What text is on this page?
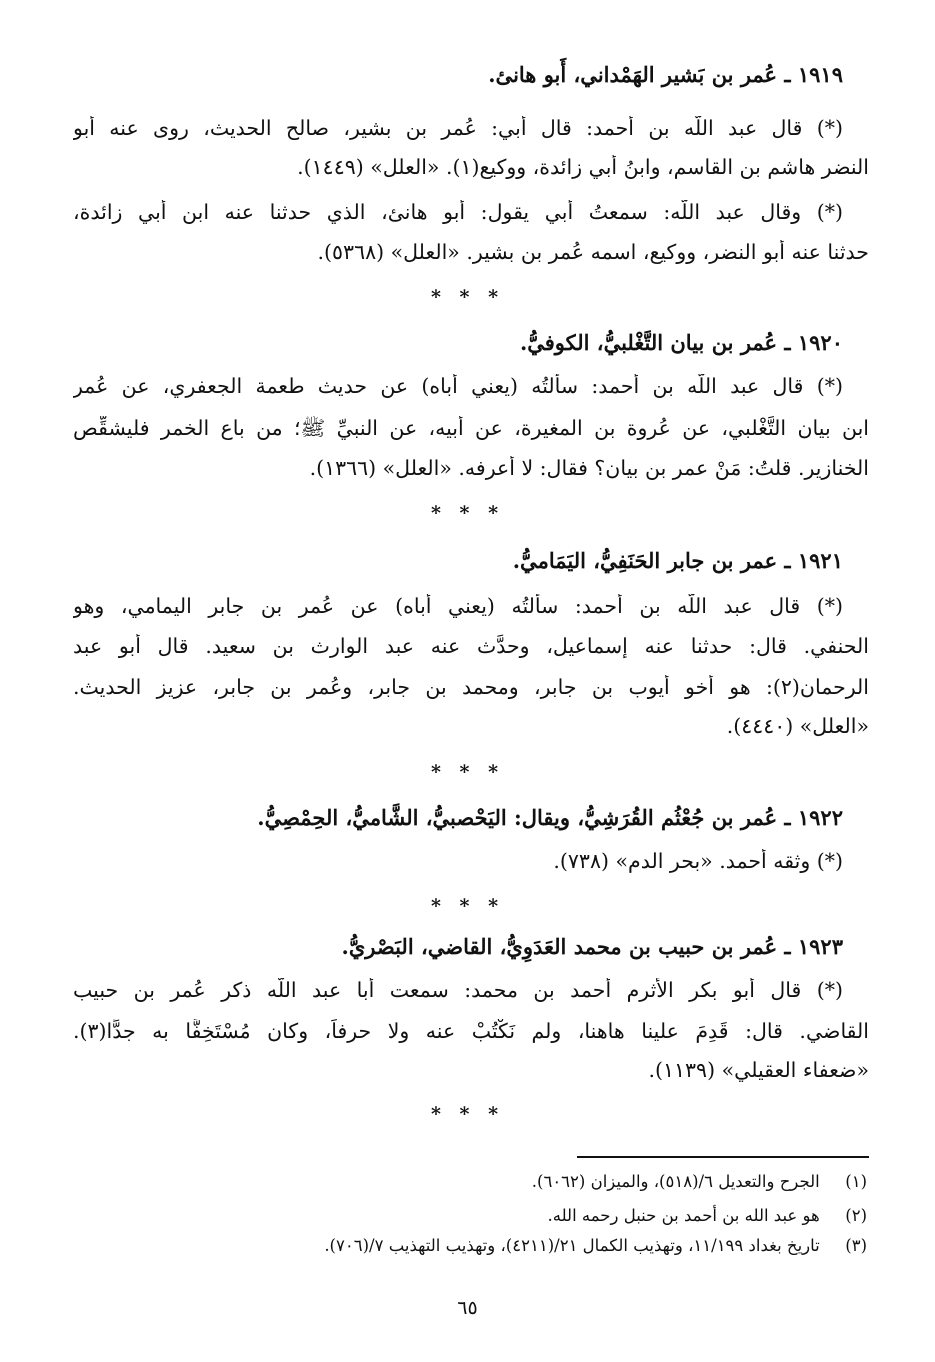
١٩١٩ ـ عُمر بن بَشير الهَمْداني، أَبو هانئ.
(*) قال عبد اللَّه بن أحمد: قال أبي: عُمر بن بشير، صالح الحديث، روى عنه أَبو
النضر هاشم بن القاسم، وابنُ أَبي زائدة، ووكيع(١). «العلل» (١٤٤٩).
(*) وقال عبد اللَّه: سمعتُ أبي يقول: أبو هانئ، الذي حدثنا عنه ابن أَبي زائدة،
حدثنا عنه أَبو النضر، ووكيع، اسمه عُمر بن بشير. «العلل» (٥٣٦٨).
* * *
١٩٢٠ ـ عُمر بن بيان التَّغْلبيُّ، الكوفيُّ.
(*) قال عبد اللَّه بن أحمد: سألتُه (يعني أباه) عن حديث طعمة الجعفري، عن عُمر
ابن بيان التَّغْلبي، عن عُروة بن المغيرة، عن أَبيه، عن النبيِّ ﷺ؛ من باع الخمر فليشقِّص
الخنازير. قلتُ: مَنْ عمر بن بيان؟ فقال: لا أعرفه. «العلل» (١٣٦٦).
* * *
١٩٢١ ـ عمر بن جابر الحَنَفِيُّ، اليَمَاميُّ.
(*) قال عبد اللَّه بن أحمد: سألتُه (يعني أباه) عن عُمر بن جابر اليمامي، وهو
الحنفي. قال: حدثنا عنه إسماعيل، وحدَّث عنه عبد الوارث بن سعيد. قال أبو عبد
الرحمان(٢): هو أَخو أيوب بن جابر، ومحمد بن جابر، وعُمر بن جابر، عزيز الحديث.
«العلل» (٤٤٤٠).
* * *
١٩٢٢ ـ عُمر بن جُعْثُم القُرَشِيُّ، ويقال: اليَحْصبيُّ، الشَّاميُّ، الحِمْصِيُّ.
(*) وثقه أحمد. «بحر الدم» (٧٣٨).
* * *
١٩٢٣ ـ عُمر بن حبيب بن محمد العَدَوِيُّ، القاضي، البَصْريُّ.
(*) قال أَبو بكر الأَثرم أحمد بن محمد: سمعت أبا عبد اللَّه ذكر عُمر بن حبيب
القاضي. قال: قَدِمَ علينا هاهنا، ولم نَكْتُبْ عنه ولا حرفاً، وكان مُسْتَخِفًّا به جدًّا(٣).
«ضعفاء العقيلي» (١١٣٩).
* * *
(١) الجرح والتعديل ٦/(٥١٨)، والميزان (٦٠٦٢).
(٢) هو عبد الله بن أحمد بن حنبل رحمه الله.
(٣) تاريخ بغداد ١١/١٩٩، وتهذيب الكمال ٢١/(٤٢١١)، وتهذيب التهذيب ٧/(٧٠٦).
٦٥
